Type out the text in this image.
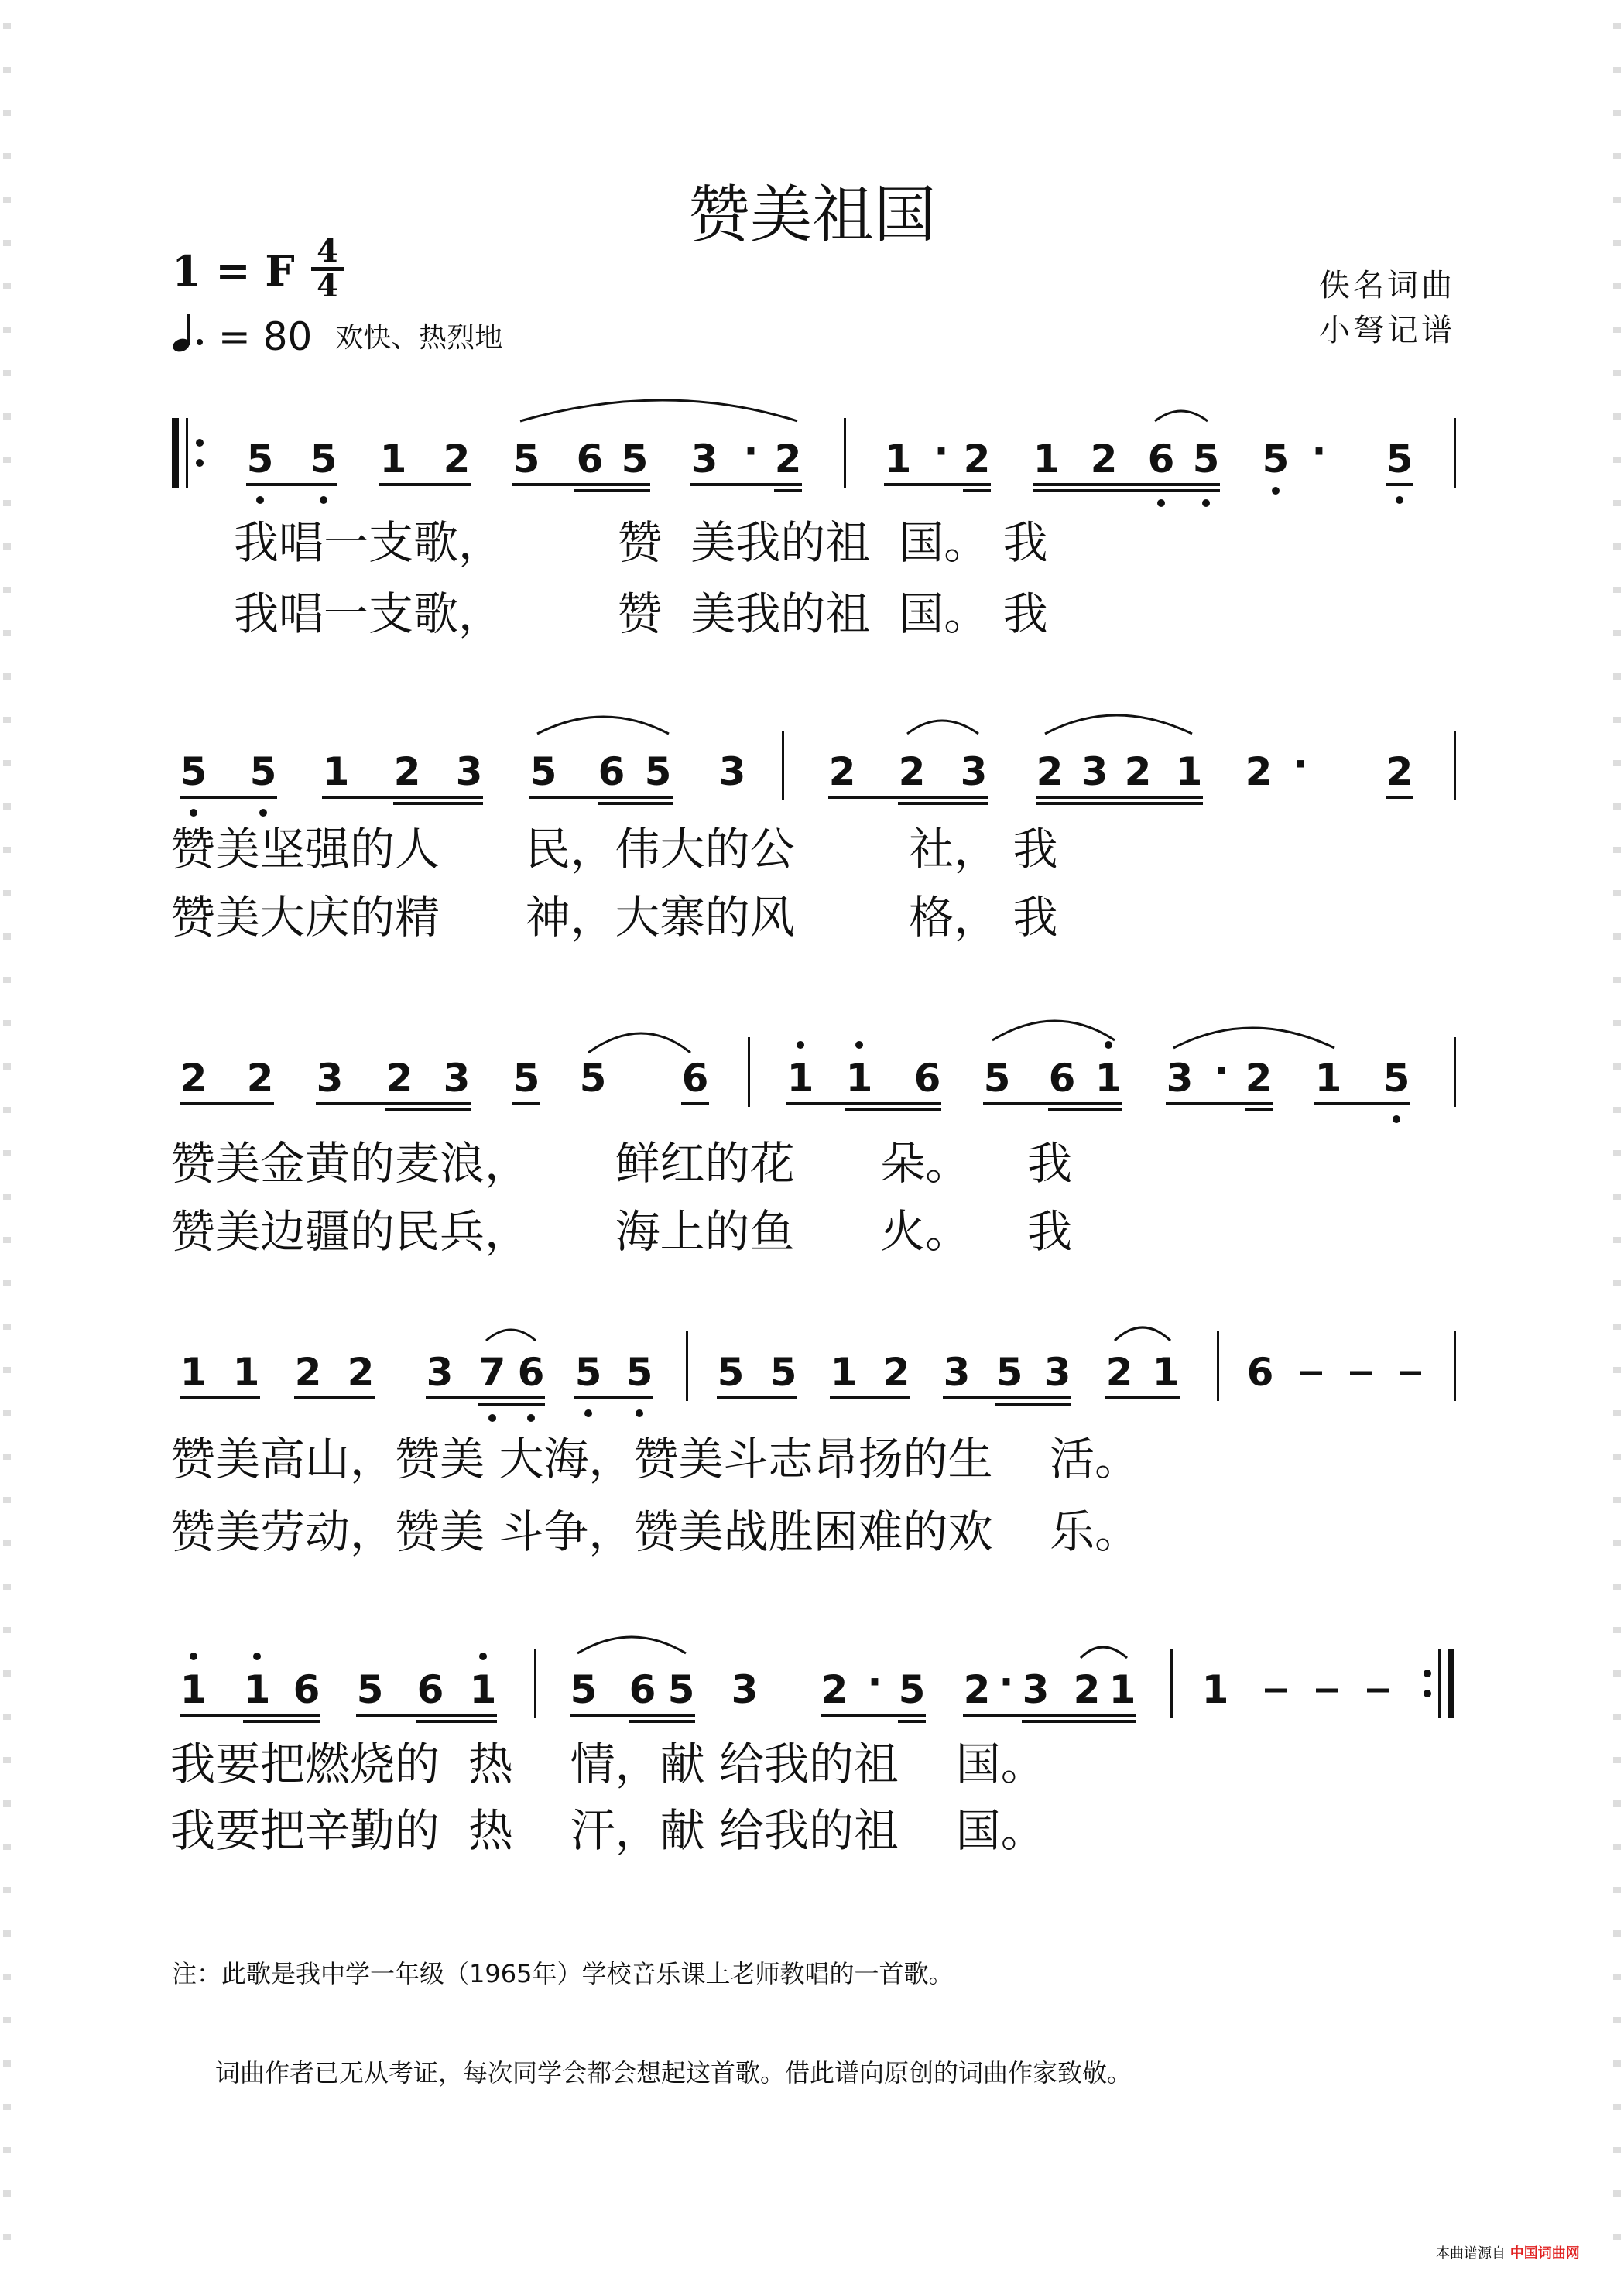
赞美祖国
1 = F 4
4
= 80 欢快、热烈地
佚名词曲
小弩记谱
5 5 1 2 5 6 5 3 · 2 1 · 2 1 2 6 5 5 · 5
我唱一支歌，        赞  美我的祖  国。 我
我唱一支歌，        赞  美我的祖  国。 我
5 5 1 2 3 5 6 5 3 2 2 3 2 3 2 1 2 · 2
赞美坚强的人      民，伟大的公        社， 我
赞美大庆的精      神，大寨的风        格， 我
2 2 3 2 3 5 5 6 1 1 6 5 6 1 3 · 2 1 5
赞美金黄的麦浪，      鲜红的花      朵。    我
赞美边疆的民兵，      海上的鱼      火。    我
1 1 2 2 3 7 6 5 5 5 5 1 2 3 5 3 2 1 6
赞美高山，赞美 大海，赞美斗志昂扬的生    活。
赞美劳动，赞美 斗争，赞美战胜困难的欢    乐。
1 1 6 5 6 1 5 6 5 3 2 · 5 2 · 3 2 1 1
我要把燃烧的  热    情，献 给我的祖    国。
我要把辛勤的  热    汗，献 给我的祖    国。
注：此歌是我中学一年级（1965年）学校音乐课上老师教唱的一首歌。
词曲作者已无从考证，每次同学会都会想起这首歌。借此谱向原创的词曲作家致敬。
本曲谱源自 中国词曲网
